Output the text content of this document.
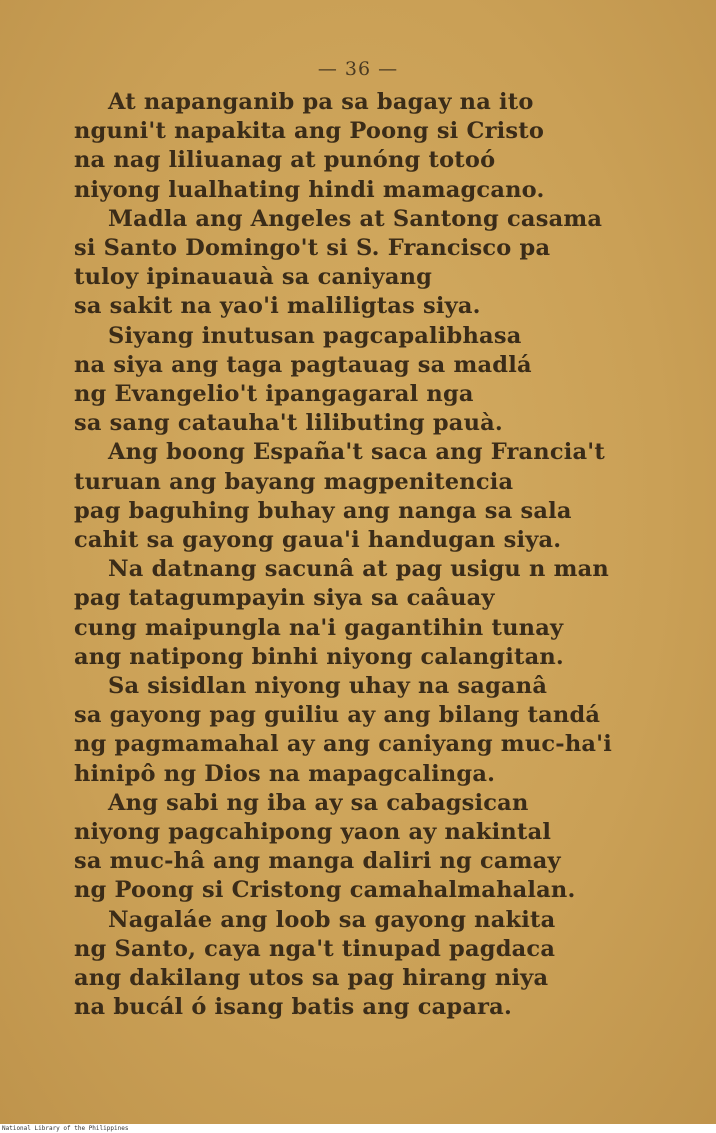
— 36 —
At napanganib pa sa bagay na ito
nguni't napakita ang Poong si Cristo
na nag liliuanag at punóng totoó
niyong lualhating hindi mamagcano.
Madla ang Angeles at Santong casama
si Santo Domingo't si S. Francisco pa
tuloy ipinauauà sa caniyang
sa sakit na yao'i maliligtas siya.
Siyang inutusan pagcapalibhasa
na siya ang taga pagtauag sa madlá
ng Evangelio't ipangagaral nga
sa sang catauha't lilibuting pauà.
Ang boong España't saca ang Francia't
turuan ang bayang magpenitencia
pag baguhing buhay ang nanga sa sala
cahit sa gayong gaua'i handugan siya.
Na datnang sacunâ at pag usigu n man
pag tatagumpayin siya sa caâuay
cung maipungla na'i gagantihin tunay
ang natipong binhi niyong calangitan.
Sa sisidlan niyong uhay na saganâ
sa gayong pag guiliu ay ang bilang tandá
ng pagmamahal ay ang caniyang muc-ha'i
hinipô ng Dios na mapagcalinga.
Ang sabi ng iba ay sa cabagsican
niyong pagcahipong yaon ay nakintal
sa muc-hâ ang manga daliri ng camay
ng Poong si Cristong camahalmahalan.
Nagaláe ang loob sa gayong nakita
ng Santo, caya nga't tinupad pagdaca
ang dakilang utos sa pag hirang niya
na bucál ó isang batis ang capara.
National Library of the Philippines
